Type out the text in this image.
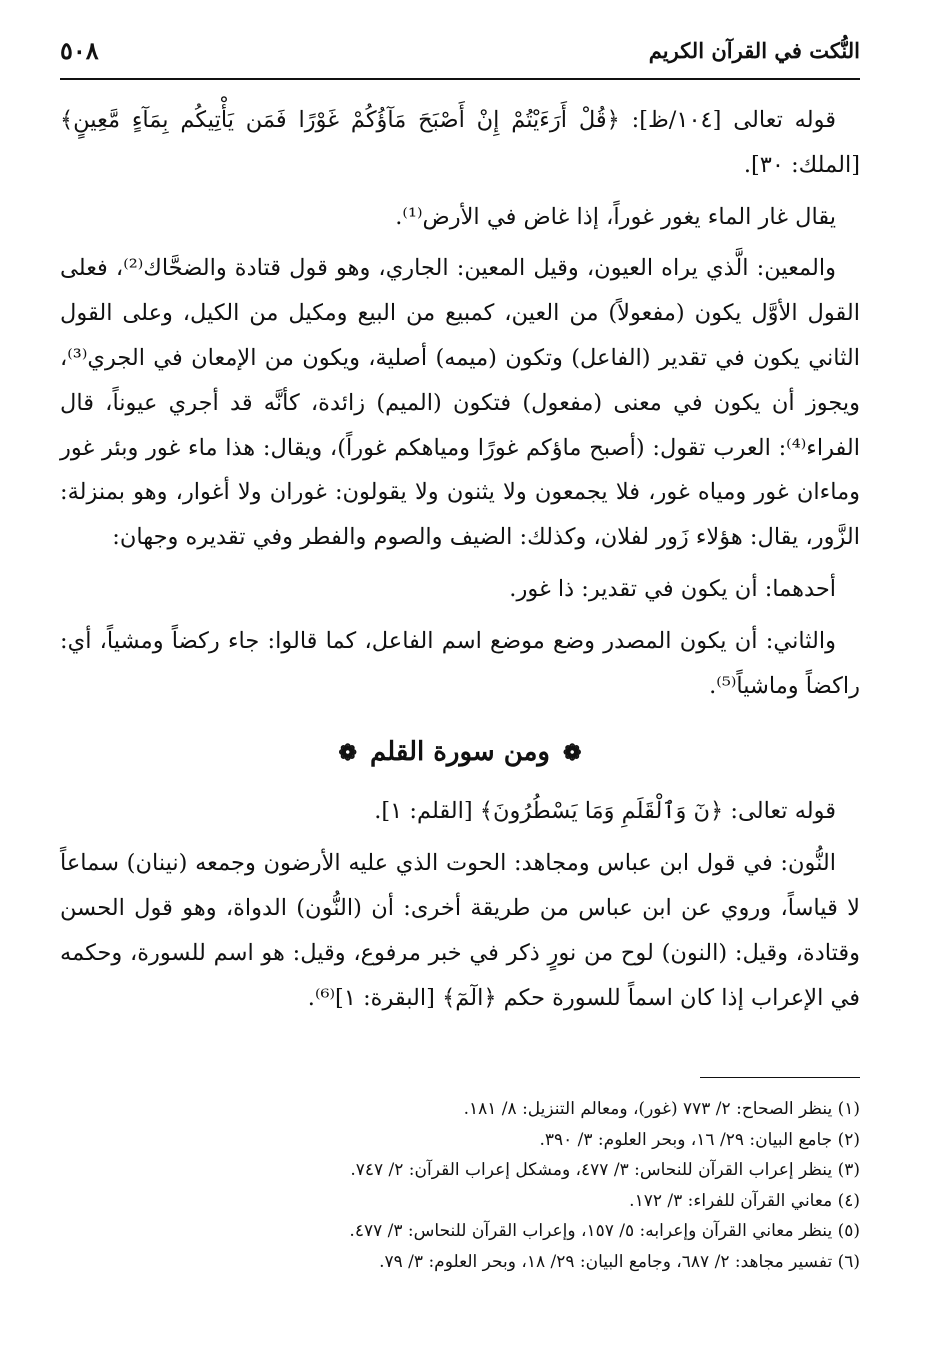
النُّكت في القرآن الكريم
٥٠٨

قوله تعالى [١٠٤/ظ]: ﴿قُلْ أَرَءَيْتُمْ إِنْ أَصْبَحَ مَآؤُكُمْ غَوْرًا فَمَن يَأْتِيكُم بِمَآءٍ مَّعِينٍ﴾ [الملك: ٣٠].

يقال غار الماء يغور غوراً، إذا غاض في الأرض⁽¹⁾.

والمعين: الَّذي يراه العيون، وقيل المعين: الجاري، وهو قول قتادة والضحَّاك⁽²⁾، فعلى القول الأوَّل يكون (مفعولاً) من العين، كمبيع من البيع ومكيل من الكيل، وعلى القول الثاني يكون في تقدير (الفاعل) وتكون (ميمه) أصلية، ويكون من الإمعان في الجري⁽³⁾، ويجوز أن يكون في معنى (مفعول) فتكون (الميم) زائدة، كأنَّه قد أجري عيوناً، قال الفراء⁽⁴⁾: العرب تقول: (أصبح ماؤكم غورًا ومياهكم غوراً)، ويقال: هذا ماء غور وبئر غور وماءان غور ومياه غور، فلا يجمعون ولا يثنون ولا يقولون: غوران ولا أغوار، وهو بمنزلة: الزَّور، يقال: هؤلاء زَور لفلان، وكذلك: الضيف والصوم والفطر وفي تقديره وجهان:

أحدهما: أن يكون في تقدير: ذا غور.

والثاني: أن يكون المصدر وضع موضع اسم الفاعل، كما قالوا: جاء ركضاً ومشياً، أي: راكضاً وماشياً⁽⁵⁾.

❁ ومن سورة القلم ❁

قوله تعالى: ﴿نٓ وَٱلْقَلَمِ وَمَا يَسْطُرُونَ﴾ [القلم: ١].

النُّون: في قول ابن عباس ومجاهد: الحوت الذي عليه الأرضون وجمعه (نينان) سماعاً لا قياساً، وروي عن ابن عباس من طريقة أخرى: أن (النُّون) الدواة، وهو قول الحسن وقتادة، وقيل: (النون) لوح من نورٍ ذكر في خبر مرفوع، وقيل: هو اسم للسورة، وحكمه في الإعراب إذا كان اسماً للسورة حكم ﴿الٓمٓ﴾ [البقرة: ١]⁽⁶⁾.

(١) ينظر الصحاح: ٢/ ٧٧٣ (غور)، ومعالم التنزيل: ٨/ ١٨١.
(٢) جامع البيان: ٢٩/ ١٦، وبحر العلوم: ٣/ ٣٩٠.
(٣) ينظر إعراب القرآن للنحاس: ٣/ ٤٧٧، ومشكل إعراب القرآن: ٢/ ٧٤٧.
(٤) معاني القرآن للفراء: ٣/ ١٧٢.
(٥) ينظر معاني القرآن وإعرابه: ٥/ ١٥٧، وإعراب القرآن للنحاس: ٣/ ٤٧٧.
(٦) تفسير مجاهد: ٢/ ٦٨٧، وجامع البيان: ٢٩/ ١٨، وبحر العلوم: ٣/ ٧٩.
